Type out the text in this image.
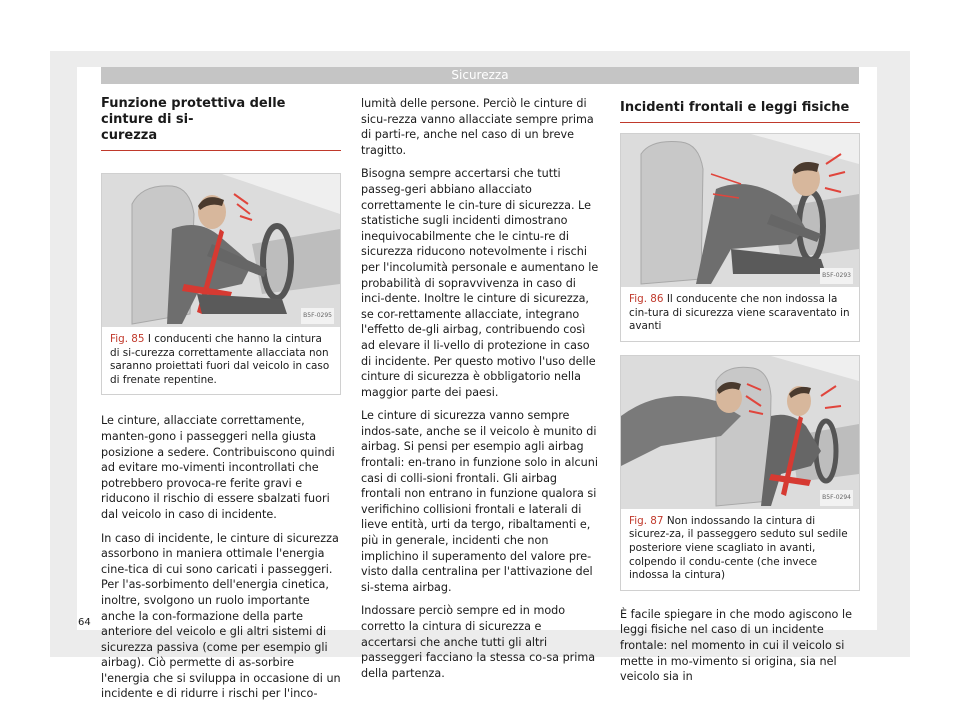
Sicurezza
Funzione protettiva delle cinture di si-
curezza
B5F-0295
Fig. 85 I conducenti che hanno la cintura di si-curezza correttamente allacciata non saranno proiettati fuori dal veicolo in caso di frenate repentine.

Le cinture, allacciate correttamente, manten-gono i passeggeri nella giusta posizione a sedere. Contribuiscono quindi ad evitare mo-vimenti incontrollati che potrebbero provoca-re ferite gravi e riducono il rischio di essere sbalzati fuori dal veicolo in caso di incidente.

In caso di incidente, le cinture di sicurezza assorbono in maniera ottimale l'energia cine-tica di cui sono caricati i passeggeri. Per l'as-sorbimento dell'energia cinetica, inoltre, svolgono un ruolo importante anche la con-formazione della parte anteriore del veicolo e gli altri sistemi di sicurezza passiva (come per esempio gli airbag). Ciò permette di as-sorbire l'energia che si sviluppa in occasione di un incidente e di ridurre i rischi per l'inco-

lumità delle persone. Perciò le cinture di sicu-rezza vanno allacciate sempre prima di parti-re, anche nel caso di un breve tragitto.

Bisogna sempre accertarsi che tutti passeg-geri abbiano allacciato correttamente le cin-ture di sicurezza. Le statistiche sugli incidenti dimostrano inequivocabilmente che le cintu-re di sicurezza riducono notevolmente i rischi per l'incolumità personale e aumentano le probabilità di sopravvivenza in caso di inci-dente. Inoltre le cinture di sicurezza, se cor-rettamente allacciate, integrano l'effetto de-gli airbag, contribuendo così ad elevare il li-vello di protezione in caso di incidente. Per questo motivo l'uso delle cinture di sicurezza è obbligatorio nella maggior parte dei paesi.

Le cinture di sicurezza vanno sempre indos-sate, anche se il veicolo è munito di airbag. Si pensi per esempio agli airbag frontali: en-trano in funzione solo in alcuni casi di colli-sioni frontali. Gli airbag frontali non entrano in funzione qualora si verifichino collisioni frontali e laterali di lieve entità, urti da tergo, ribaltamenti e, più in generale, incidenti che non implichino il superamento del valore pre-visto dalla centralina per l'attivazione del si-stema airbag.

Indossare perciò sempre ed in modo corretto la cintura di sicurezza e accertarsi che anche tutti gli altri passeggeri facciano la stessa co-sa prima della partenza.

Incidenti frontali e leggi fisiche
B5F-0293
Fig. 86 Il conducente che non indossa la cin-tura di sicurezza viene scaraventato in avanti
B5F-0294
Fig. 87 Non indossando la cintura di sicurez-za, il passeggero seduto sul sedile posteriore viene scagliato in avanti, colpendo il condu-cente (che invece indossa la cintura)

È facile spiegare in che modo agiscono le leggi fisiche nel caso di un incidente frontale: nel momento in cui il veicolo si mette in mo-vimento si origina, sia nel veicolo sia in

64
